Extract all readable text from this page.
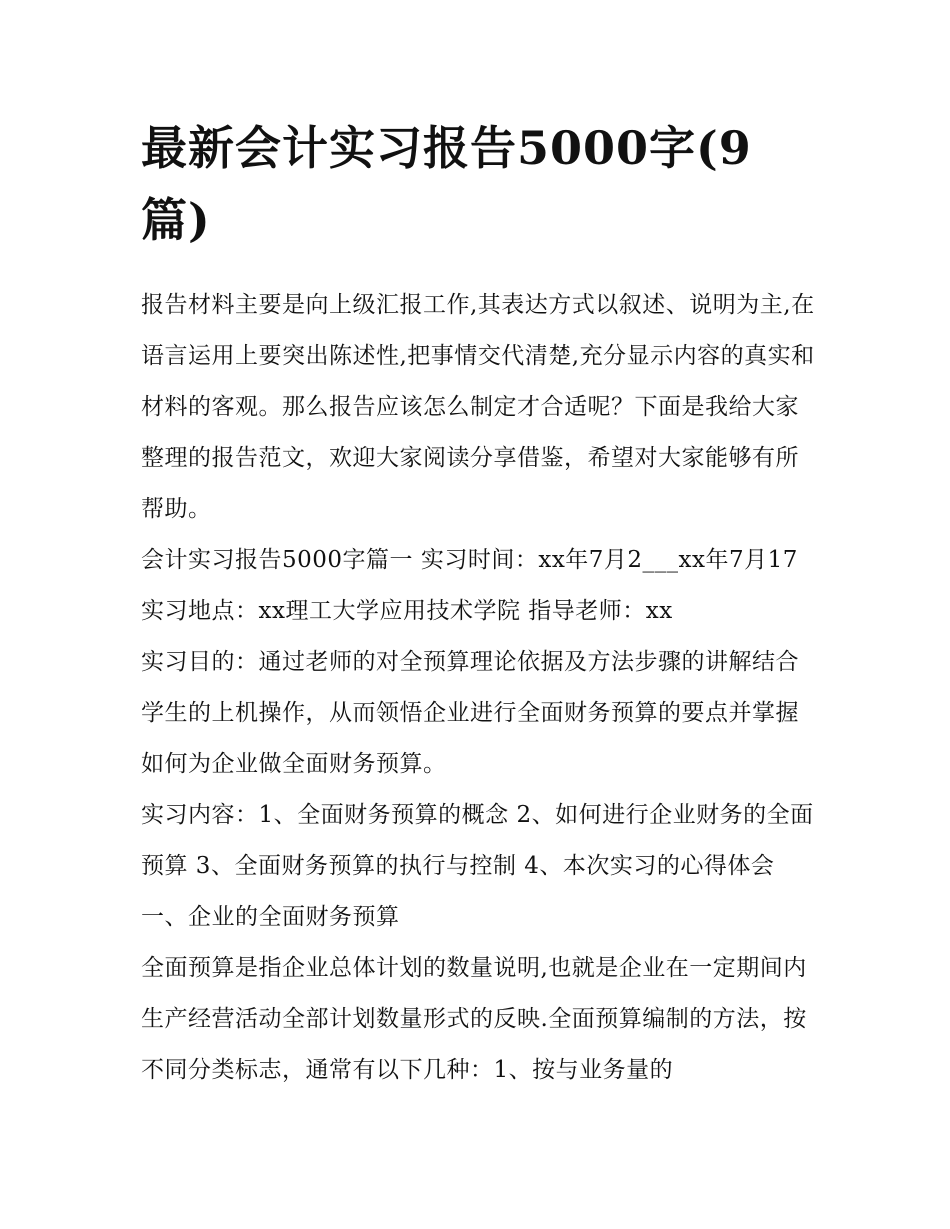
最新会计实习报告5000字(9篇)

报告材料主要是向上级汇报工作,其表达方式以叙述、说明为主,在语言运用上要突出陈述性,把事情交代清楚,充分显示内容的真实和材料的客观。那么报告应该怎么制定才合适呢？下面是我给大家整理的报告范文，欢迎大家阅读分享借鉴，希望对大家能够有所帮助。

会计实习报告5000字篇一 实习时间：xx年7月2___xx年7月17 实习地点：xx理工大学应用技术学院 指导老师：xx

实习目的：通过老师的对全预算理论依据及方法步骤的讲解结合学生的上机操作，从而领悟企业进行全面财务预算的要点并掌握如何为企业做全面财务预算。

实习内容：1、全面财务预算的概念 2、如何进行企业财务的全面预算 3、全面财务预算的执行与控制 4、本次实习的心得体会 一、企业的全面财务预算

全面预算是指企业总体计划的数量说明,也就是企业在一定期间内生产经营活动全部计划数量形式的反映.全面预算编制的方法，按不同分类标志，通常有以下几种：1、按与业务量的
